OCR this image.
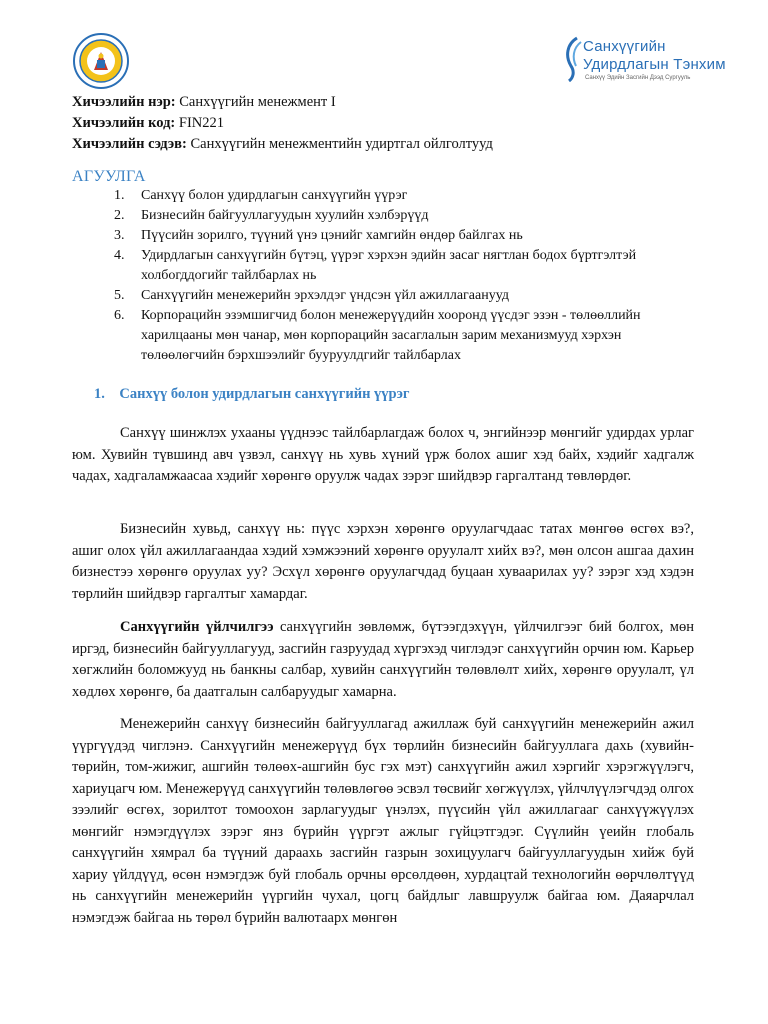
Санхүүгийн
Удирдлагын Тэнхим
Санхүү Эдийн Засгийн Дээд Сургууль
Хичээлийн нэр: Санхүүгийн менежмент I
Хичээлийн код: FIN221
Хичээлийн сэдэв: Санхүүгийн менежментийн удиртгал ойлголтууд
АГУУЛГА
1. Санхүү болон удирдлагын санхүүгийн үүрэг
2. Бизнесийн байгууллагуудын хуулийн хэлбэрүүд
3. Пүүсийн зорилго, түүний үнэ цэнийг хамгийн өндөр байлгах нь
4. Удирдлагын санхүүгийн бүтэц, үүрэг хэрхэн эдийн засаг нягтлан бодох бүртгэлтэй холбогддогийг тайлбарлах нь
5. Санхүүгийн менежерийн эрхэлдэг үндсэн үйл ажиллагаанууд
6. Корпорацийн эзэмшигчид болон менежерүүдийн хооронд үүсдэг эзэн - төлөөллийн харилцааны мөн чанар, мөн корпорацийн засаглалын зарим механизмууд хэрхэн төлөөлөгчийн бэрхшээлийг бууруулдгийг тайлбарлах
1. Санхүү болон удирдлагын санхүүгийн үүрэг

Санхүү шинжлэх ухааны үүднээс тайлбарлагдаж болох ч, энгийнээр мөнгийг удирдах урлаг юм. Хувийн түвшинд авч үзвэл, санхүү нь хувь хүний үрж болох ашиг хэд байх, хэдийг хадгалж чадах, хадгаламжаасаа хэдийг хөрөнгө оруулж чадах зэрэг шийдвэр гаргалтанд төвлөрдөг.

Бизнесийн хувьд, санхүү нь: пүүс хэрхэн хөрөнгө оруулагчдаас татах мөнгөө өсгөх вэ?, ашиг олох үйл ажиллагаандаа хэдий хэмжээний хөрөнгө оруулалт хийх вэ?, мөн олсон ашгаа дахин бизнестээ хөрөнгө оруулах уу? Эсхүл хөрөнгө оруулагчдад буцаан хуваарилах уу? зэрэг хэд хэдэн төрлийн шийдвэр гаргалтыг хамардаг.

Санхүүгийн үйлчилгээ санхүүгийн зөвлөмж, бүтээгдэхүүн, үйлчилгээг бий болгох, мөн иргэд, бизнесийн байгууллагууд, засгийн газруудад хүргэхэд чиглэдэг санхүүгийн орчин юм. Карьер хөгжлийн боломжууд нь банкны салбар, хувийн санхүүгийн төлөвлөлт хийх, хөрөнгө оруулалт, үл хөдлөх хөрөнгө, ба даатгалын салбаруудыг хамарна.

Менежерийн санхүү бизнесийн байгууллагад ажиллаж буй санхүүгийн менежерийн ажил үүргүүдэд чиглэнэ. Санхүүгийн менежерүүд бүх төрлийн бизнесийн байгууллага дахь (хувийн-төрийн, том-жижиг, ашгийн төлөөх-ашгийн бус гэх мэт) санхүүгийн ажил хэргийг хэрэгжүүлэгч, хариуцагч юм. Менежерүүд санхүүгийн төлөвлөгөө эсвэл төсвийг хөгжүүлэх, үйлчлүүлэгчдэд олгох зээлийг өсгөх, зорилтот томоохон зарлагуудыг үнэлэх, пүүсийн үйл ажиллагааг санхүүжүүлэх мөнгийг нэмэгдүүлэх зэрэг янз бүрийн үүргэт ажлыг гүйцэтгэдэг. Сүүлийн үеийн глобаль санхүүгийн хямрал ба түүний дараахь засгийн газрын зохицуулагч байгууллагуудын хийж буй хариу үйлдүүд, өсөн нэмэгдэж буй глобаль орчны өрсөлдөөн, хурдацтай технологийн өөрчлөлтүүд нь санхүүгийн менежерийн үүргийн чухал, цогц байдлыг лавшруулж байгаа юм. Даяарчлал нэмэгдэж байгаа нь төрөл бүрийн валютаарх мөнгөн
